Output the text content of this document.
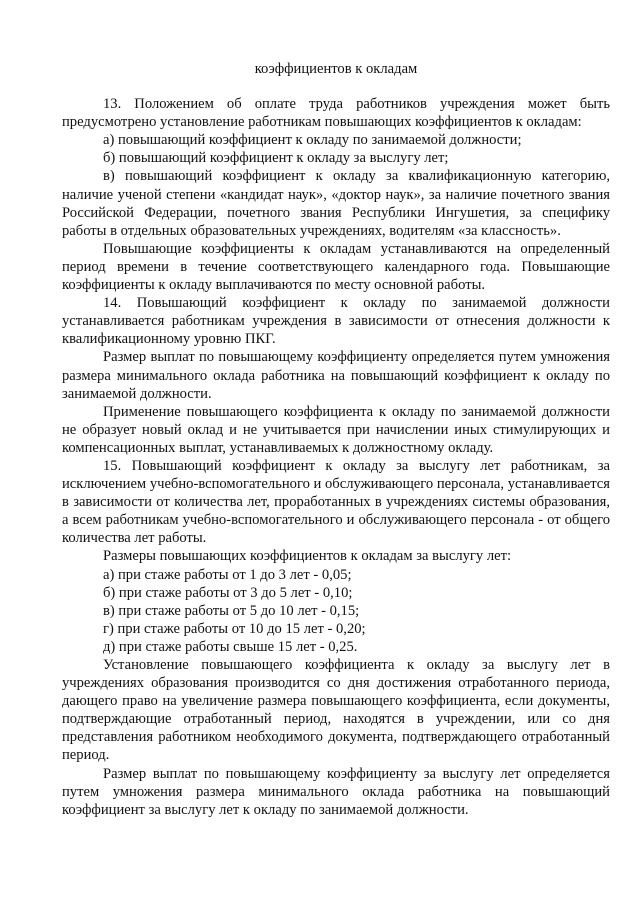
коэффициентов к окладам

13. Положением об оплате труда работников учреждения может быть предусмотрено установление работникам повышающих коэффициентов к окладам:

а) повышающий коэффициент к окладу по занимаемой должности;

б) повышающий коэффициент к окладу за выслугу лет;

в) повышающий коэффициент к окладу за квалификационную категорию, наличие ученой степени «кандидат наук», «доктор наук», за наличие почетного звания Российской Федерации, почетного звания Республики Ингушетия, за специфику работы в отдельных образовательных учреждениях, водителям «за классность».

Повышающие коэффициенты к окладам устанавливаются на определенный период времени в течение соответствующего календарного года. Повышающие коэффициенты к окладу выплачиваются по месту основной работы.

14. Повышающий коэффициент к окладу по занимаемой должности устанавливается работникам учреждения в зависимости от отнесения должности к квалификационному уровню ПКГ.

Размер выплат по повышающему коэффициенту определяется путем умножения размера минимального оклада работника на повышающий коэффициент к окладу по занимаемой должности.

Применение повышающего коэффициента к окладу по занимаемой должности не образует новый оклад и не учитывается при начислении иных стимулирующих и компенсационных выплат, устанавливаемых к должностному окладу.

15. Повышающий коэффициент к окладу за выслугу лет работникам, за исключением учебно-вспомогательного и обслуживающего персонала, устанавливается в зависимости от количества лет, проработанных в учреждениях системы образования, а всем работникам учебно-вспомогательного и обслуживающего персонала - от общего количества лет работы.

Размеры повышающих коэффициентов к окладам за выслугу лет:

а) при стаже работы от 1 до 3 лет - 0,05;

б) при стаже работы от 3 до 5 лет - 0,10;

в) при стаже работы от 5 до 10 лет - 0,15;

г) при стаже работы от 10 до 15 лет - 0,20;

д) при стаже работы свыше 15 лет - 0,25.

Установление повышающего коэффициента к окладу за выслугу лет в учреждениях образования производится со дня достижения отработанного периода, дающего право на увеличение размера повышающего коэффициента, если документы, подтверждающие отработанный период, находятся в учреждении, или со дня представления работником необходимого документа, подтверждающего отработанный период.

Размер выплат по повышающему коэффициенту за выслугу лет определяется путем умножения размера минимального оклада работника на повышающий коэффициент за выслугу лет к окладу по занимаемой должности.
